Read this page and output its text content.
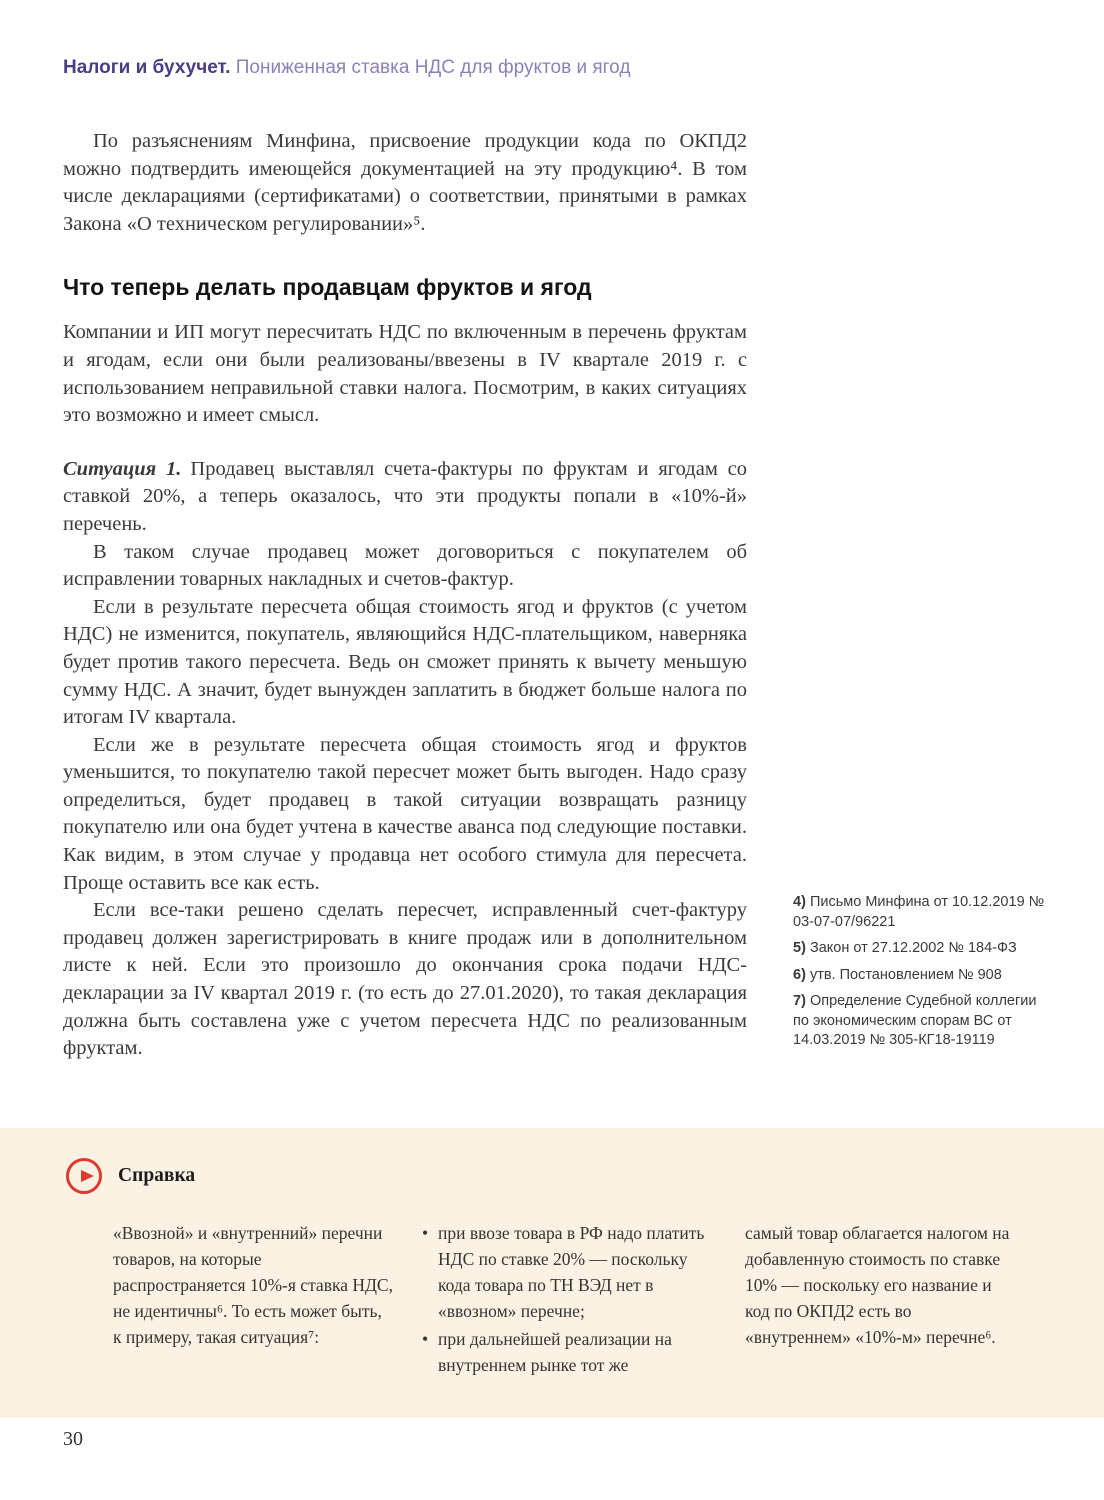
Налоги и бухучет. Пониженная ставка НДС для фруктов и ягод

По разъяснениям Минфина, присвоение продукции кода по ОКПД2 можно подтвердить имеющейся документацией на эту продукцию⁴. В том числе декларациями (сертификатами) о соответствии, принятыми в рамках Закона «О техническом регулировании»⁵.

Что теперь делать продавцам фруктов и ягод

Компании и ИП могут пересчитать НДС по включенным в перечень фруктам и ягодам, если они были реализованы/ввезены в IV квартале 2019 г. с использованием неправильной ставки налога. Посмотрим, в каких ситуациях это возможно и имеет смысл.

Ситуация 1. Продавец выставлял счета-фактуры по фруктам и ягодам со ставкой 20%, а теперь оказалось, что эти продукты попали в «10%-й» перечень.

В таком случае продавец может договориться с покупателем об исправлении товарных накладных и счетов-фактур.

Если в результате пересчета общая стоимость ягод и фруктов (с учетом НДС) не изменится, покупатель, являющийся НДС-плательщиком, наверняка будет против такого пересчета. Ведь он сможет принять к вычету меньшую сумму НДС. А значит, будет вынужден заплатить в бюджет больше налога по итогам IV квартала.

Если же в результате пересчета общая стоимость ягод и фруктов уменьшится, то покупателю такой пересчет может быть выгоден. Надо сразу определиться, будет продавец в такой ситуации возвращать разницу покупателю или она будет учтена в качестве аванса под следующие поставки. Как видим, в этом случае у продавца нет особого стимула для пересчета. Проще оставить все как есть.

Если все-таки решено сделать пересчет, исправленный счет-фактуру продавец должен зарегистрировать в книге продаж или в дополнительном листе к ней. Если это произошло до окончания срока подачи НДС-декларации за IV квартал 2019 г. (то есть до 27.01.2020), то такая декларация должна быть составлена уже с учетом пересчета НДС по реализованным фруктам.

4) Письмо Минфина от 10.12.2019 № 03-07-07/96221
5) Закон от 27.12.2002 № 184-ФЗ
6) утв. Постановлением № 908
7) Определение Судебной коллегии по экономическим спорам ВС от 14.03.2019 № 305-КГ18-19119
Справка
«Ввозной» и «внутренний» перечни товаров, на которые распространяется 10%-я ставка НДС, не идентичны⁶. То есть может быть, к примеру, такая ситуация⁷:
• при ввозе товара в РФ надо платить НДС по ставке 20% — поскольку кода товара по ТН ВЭД нет в «ввозном» перечне;
• при дальнейшей реализации на внутреннем рынке тот же
самый товар облагается налогом на добавленную стоимость по ставке 10% — поскольку его название и код по ОКПД2 есть во «внутреннем» «10%-м» перечне⁶.
30
